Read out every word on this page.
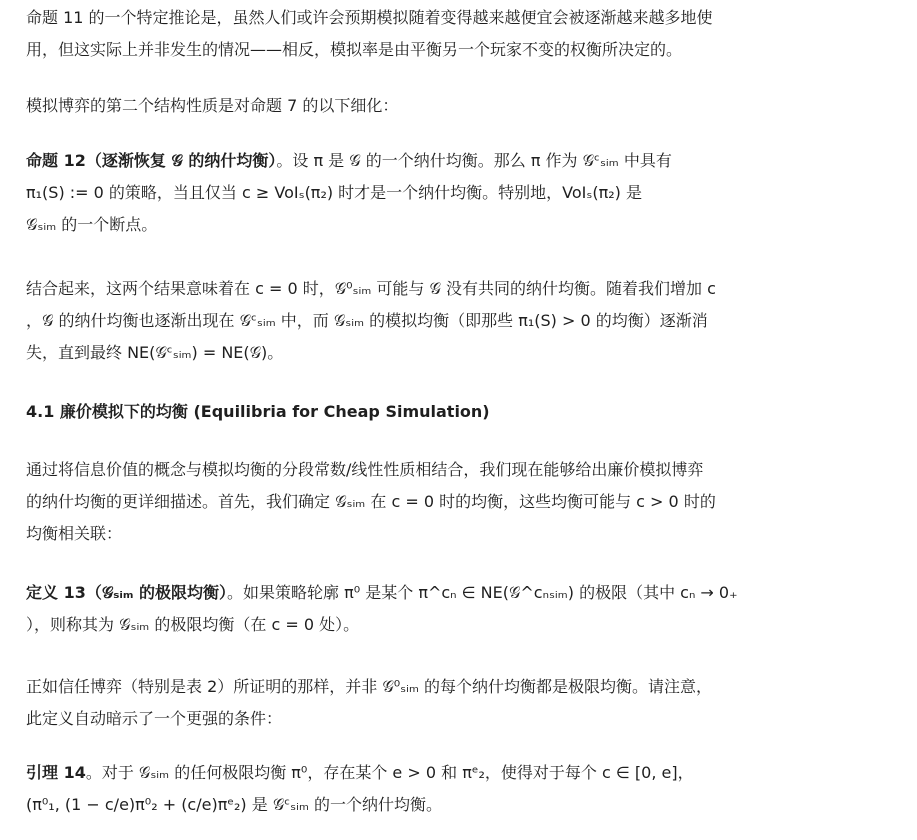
命题 11 的一个特定推论是，虽然人们或许会预期模拟随着变得越来越便宜会被逐渐越来越多地使
用，但这实际上并非发生的情况——相反，模拟率是由平衡另一个玩家不变的权衡所决定的。
模拟博弈的第二个结构性质是对命题 7 的以下细化：
命题 12（逐渐恢复 𝒢 的纳什均衡）。设 π 是 𝒢 的一个纳什均衡。那么 π 作为 𝒢ᶜₛᵢₘ 中具有
π₁(S) := 0 的策略，当且仅当 c ≥ VoIₛ(π₂) 时才是一个纳什均衡。特别地，VoIₛ(π₂) 是
𝒢ₛᵢₘ 的一个断点。
结合起来，这两个结果意味着在 c = 0 时，𝒢⁰ₛᵢₘ 可能与 𝒢 没有共同的纳什均衡。随着我们增加 c
，𝒢 的纳什均衡也逐渐出现在 𝒢ᶜₛᵢₘ 中，而 𝒢ₛᵢₘ 的模拟均衡（即那些 π₁(S) > 0 的均衡）逐渐消
失，直到最终 NE(𝒢ᶜₛᵢₘ) = NE(𝒢)。
4.1 廉价模拟下的均衡 (Equilibria for Cheap Simulation)
通过将信息价值的概念与模拟均衡的分段常数/线性性质相结合，我们现在能够给出廉价模拟博弈
的纳什均衡的更详细描述。首先，我们确定 𝒢ₛᵢₘ 在 c = 0 时的均衡，这些均衡可能与 c > 0 时的
均衡相关联：
定义 13（𝒢ₛᵢₘ 的极限均衡）。如果策略轮廓 π⁰ 是某个 π^cₙ ∈ NE(𝒢^cₙₛᵢₘ) 的极限（其中 cₙ → 0₊
），则称其为 𝒢ₛᵢₘ 的极限均衡（在 c = 0 处）。
正如信任博弈（特别是表 2）所证明的那样，并非 𝒢⁰ₛᵢₘ 的每个纳什均衡都是极限均衡。请注意，
此定义自动暗示了一个更强的条件：
引理 14。对于 𝒢ₛᵢₘ 的任何极限均衡 π⁰，存在某个 e > 0 和 πᵉ₂，使得对于每个 c ∈ [0, e]，
(π⁰₁, (1 − c/e)π⁰₂ + (c/e)πᵉ₂) 是 𝒢ᶜₛᵢₘ 的一个纳什均衡。
